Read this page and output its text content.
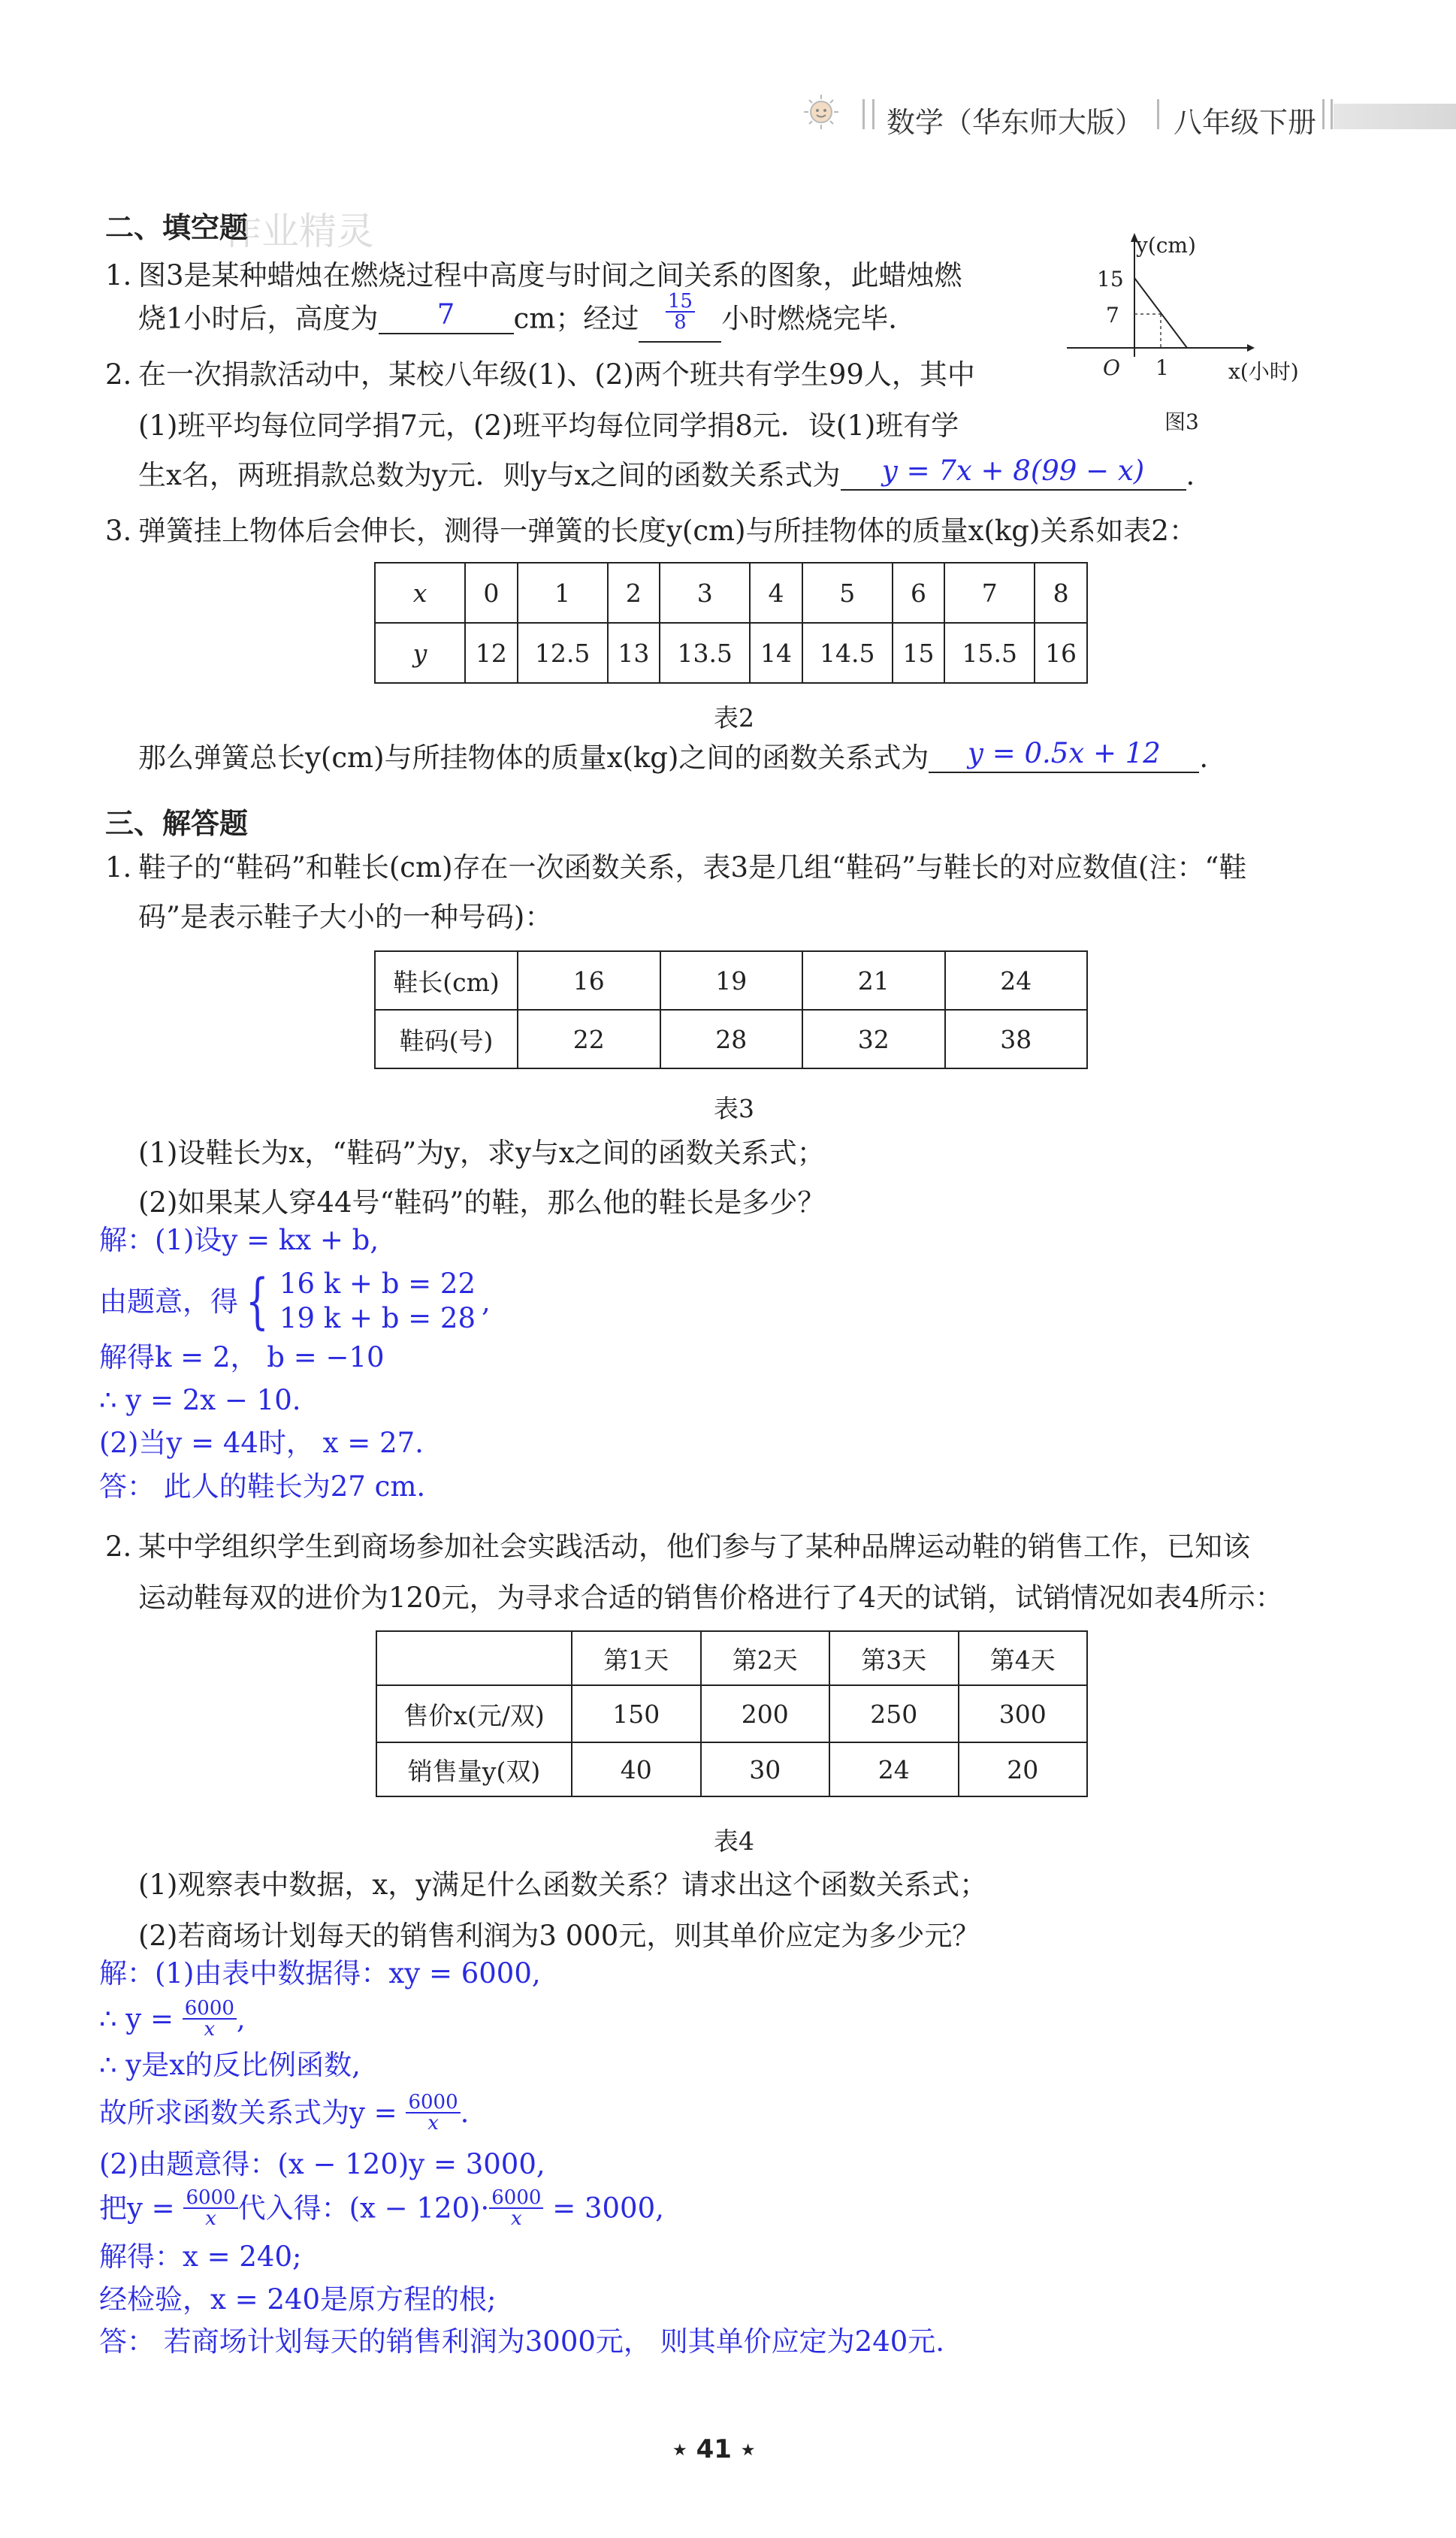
数学（华东师大版） 八年级下册
作业精灵
二、填空题
1. 图3是某种蜡烛在燃烧过程中高度与时间之间关系的图象，此蜡烛燃
烧1小时后，高度为 7 cm；经过 $\frac{15}{8}$ 小时燃烧完毕．
y(cm)
15
7
O 1	x(小时)
图3
2. 在一次捐款活动中，某校八年级(1)、(2)两个班共有学生99人，其中
(1)班平均每位同学捐7元，(2)班平均每位同学捐8元．设(1)班有学
生x名，两班捐款总数为y元．则y与x之间的函数关系式为 y = 7x + 8(99 − x) .
3. 弹簧挂上物体后会伸长，测得一弹簧的长度y(cm)与所挂物体的质量x(kg)关系如表2：
x	0	1	2	3	4	5	6	7	8
y	12	12.5	13	13.5	14	14.5	15	15.5	16
表2
那么弹簧总长y(cm)与所挂物体的质量x(kg)之间的函数关系式为 y = 0.5x + 12 .
三、解答题
1. 鞋子的“鞋码”和鞋长(cm)存在一次函数关系，表3是几组“鞋码”与鞋长的对应数值(注：“鞋
码”是表示鞋子大小的一种号码)：
鞋长(cm)	16	19	21	24
鞋码(号)	22	28	32	38
表3
(1)设鞋长为x，“鞋码”为y，求y与x之间的函数关系式；
(2)如果某人穿44号“鞋码”的鞋，那么他的鞋长是多少？
解：(1)设y = kx + b,
由题意，得 { 16 k + b = 22
19 k + b = 28
,
解得k = 2， b = −10
∴ y = 2x − 10.
(2)当y = 44时， x = 27.
答： 此人的鞋长为27 cm.
2. 某中学组织学生到商场参加社会实践活动，他们参与了某种品牌运动鞋的销售工作，已知该
运动鞋每双的进价为120元，为寻求合适的销售价格进行了4天的试销，试销情况如表4所示：
	第1天	第2天	第3天	第4天
售价x(元/双)	150	200	250	300
销售量y(双)	40	30	24	20
表4
(1)观察表中数据，x，y满足什么函数关系？请求出这个函数关系式；
(2)若商场计划每天的销售利润为3 000元，则其单价应定为多少元？
解：(1)由表中数据得：xy = 6000,
∴ $y = \frac{6000}{x}$ ,
∴ y是x的反比例函数,
故所求函数关系式为$y = \frac{6000}{x}$ .
(2)由题意得：(x − 120)y = 3000,
把$y = \frac{6000}{x}$ 代入得：$(x - 120)\cdot \frac{6000}{x} = 3000$,
解得：x = 240;
经检验，x = 240是原方程的根;
答： 若商场计划每天的销售利润为3000元， 则其单价应定为240元.
★ 41 ★
